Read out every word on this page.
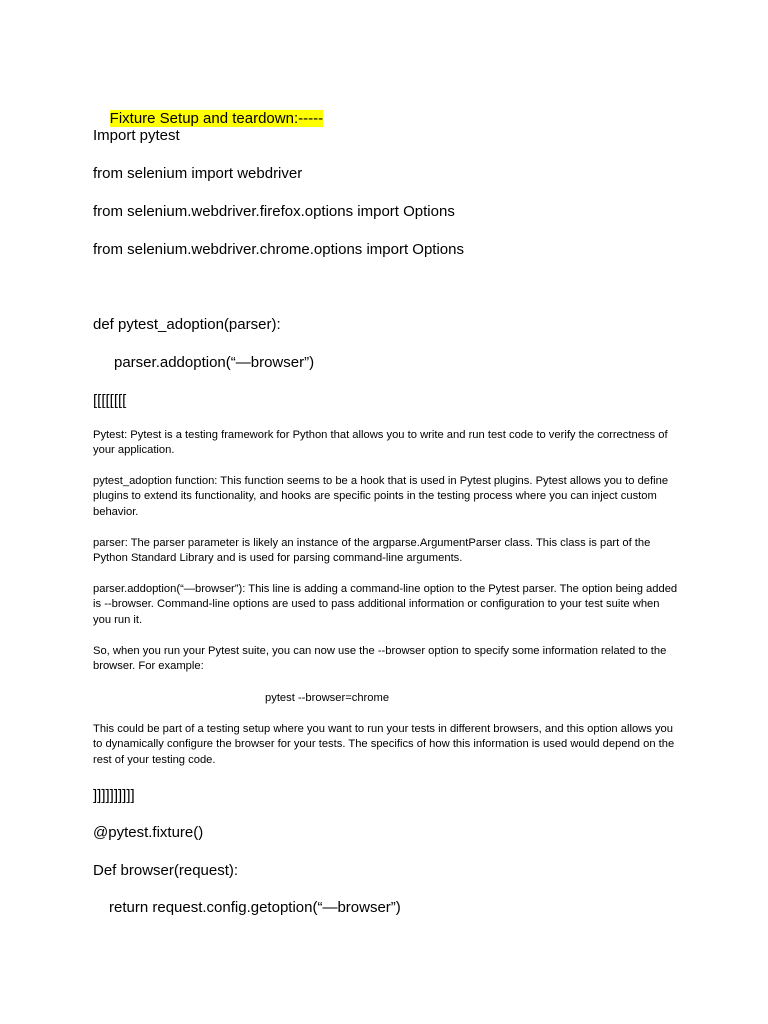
Fixture Setup and teardown:-----

Import pytest
from selenium import webdriver
from selenium.webdriver.firefox.options import Options
from selenium.webdriver.chrome.options import Options
def pytest_adoption(parser):
parser.addoption(“—browser”)
[[[[[[[[
Pytest: Pytest is a testing framework for Python that allows you to write and run test code to verify the correctness of your application.
pytest_adoption function: This function seems to be a hook that is used in Pytest plugins. Pytest allows you to define plugins to extend its functionality, and hooks are specific points in the testing process where you can inject custom behavior.
parser: The parser parameter is likely an instance of the argparse.ArgumentParser class. This class is part of the Python Standard Library and is used for parsing command-line arguments.
parser.addoption(“—browser”): This line is adding a command-line option to the Pytest parser. The option being added is --browser. Command-line options are used to pass additional information or configuration to your test suite when you run it.
So, when you run your Pytest suite, you can now use the --browser option to specify some information related to the browser. For example:
pytest --browser=chrome
This could be part of a testing setup where you want to run your tests in different browsers, and this option allows you to dynamically configure the browser for your tests. The specifics of how this information is used would depend on the rest of your testing code.
]]]]]]]]]]
@pytest.fixture()
Def browser(request):
return request.config.getoption(“—browser”)
